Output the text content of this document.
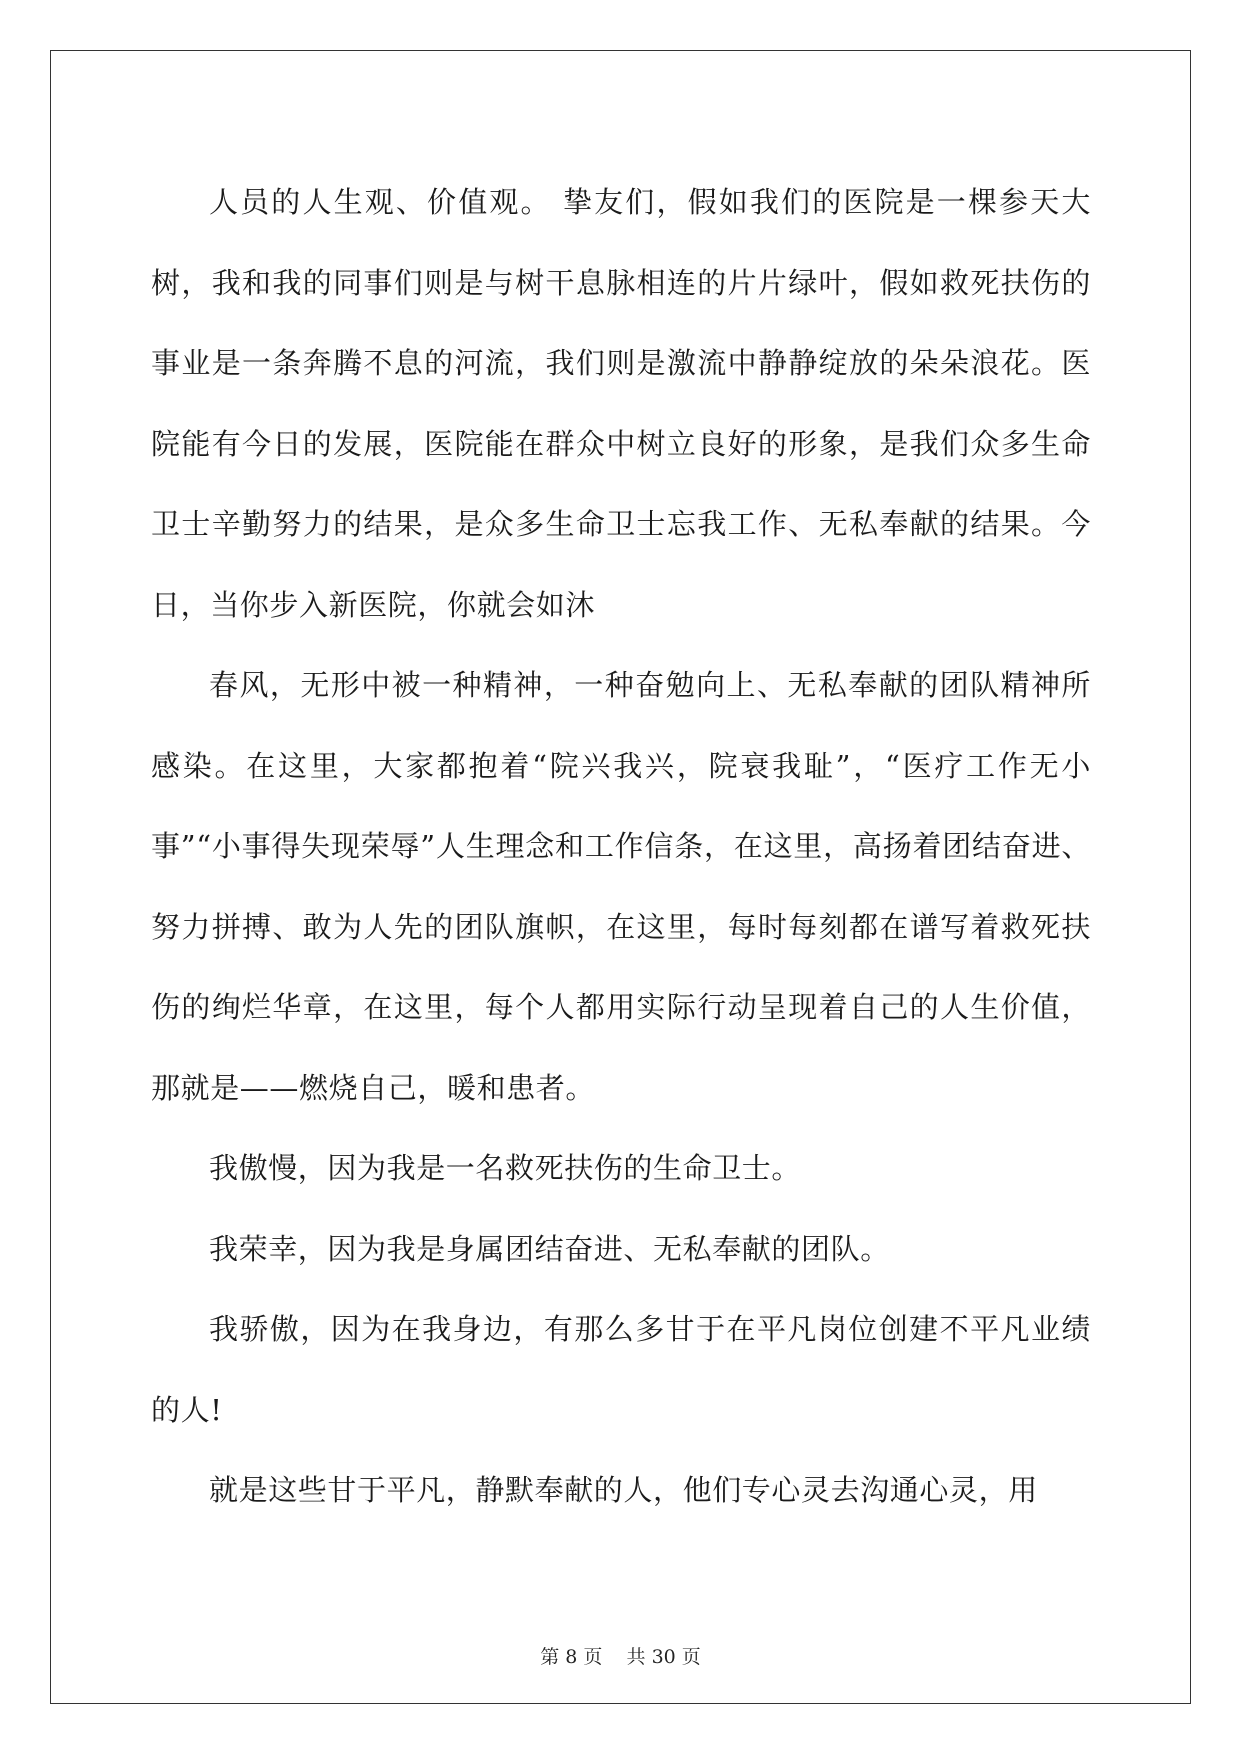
人员的人生观、价值观。 挚友们，假如我们的医院是一棵参天大树，我和我的同事们则是与树干息脉相连的片片绿叶，假如救死扶伤的事业是一条奔腾不息的河流，我们则是激流中静静绽放的朵朵浪花。医院能有今日的发展，医院能在群众中树立良好的形象，是我们众多生命卫士辛勤努力的结果，是众多生命卫士忘我工作、无私奉献的结果。今日，当你步入新医院，你就会如沐

春风，无形中被一种精神，一种奋勉向上、无私奉献的团队精神所感染。在这里，大家都抱着“院兴我兴，院衰我耻”，“医疗工作无小事”“小事得失现荣辱”人生理念和工作信条，在这里，高扬着团结奋进、努力拼搏、敢为人先的团队旗帜，在这里，每时每刻都在谱写着救死扶伤的绚烂华章，在这里，每个人都用实际行动呈现着自己的人生价值，那就是——燃烧自己，暖和患者。

我傲慢，因为我是一名救死扶伤的生命卫士。

我荣幸，因为我是身属团结奋进、无私奉献的团队。

我骄傲，因为在我身边，有那么多甘于在平凡岗位创建不平凡业绩的人!

就是这些甘于平凡，静默奉献的人，他们专心灵去沟通心灵，用

第 8 页    共 30 页
